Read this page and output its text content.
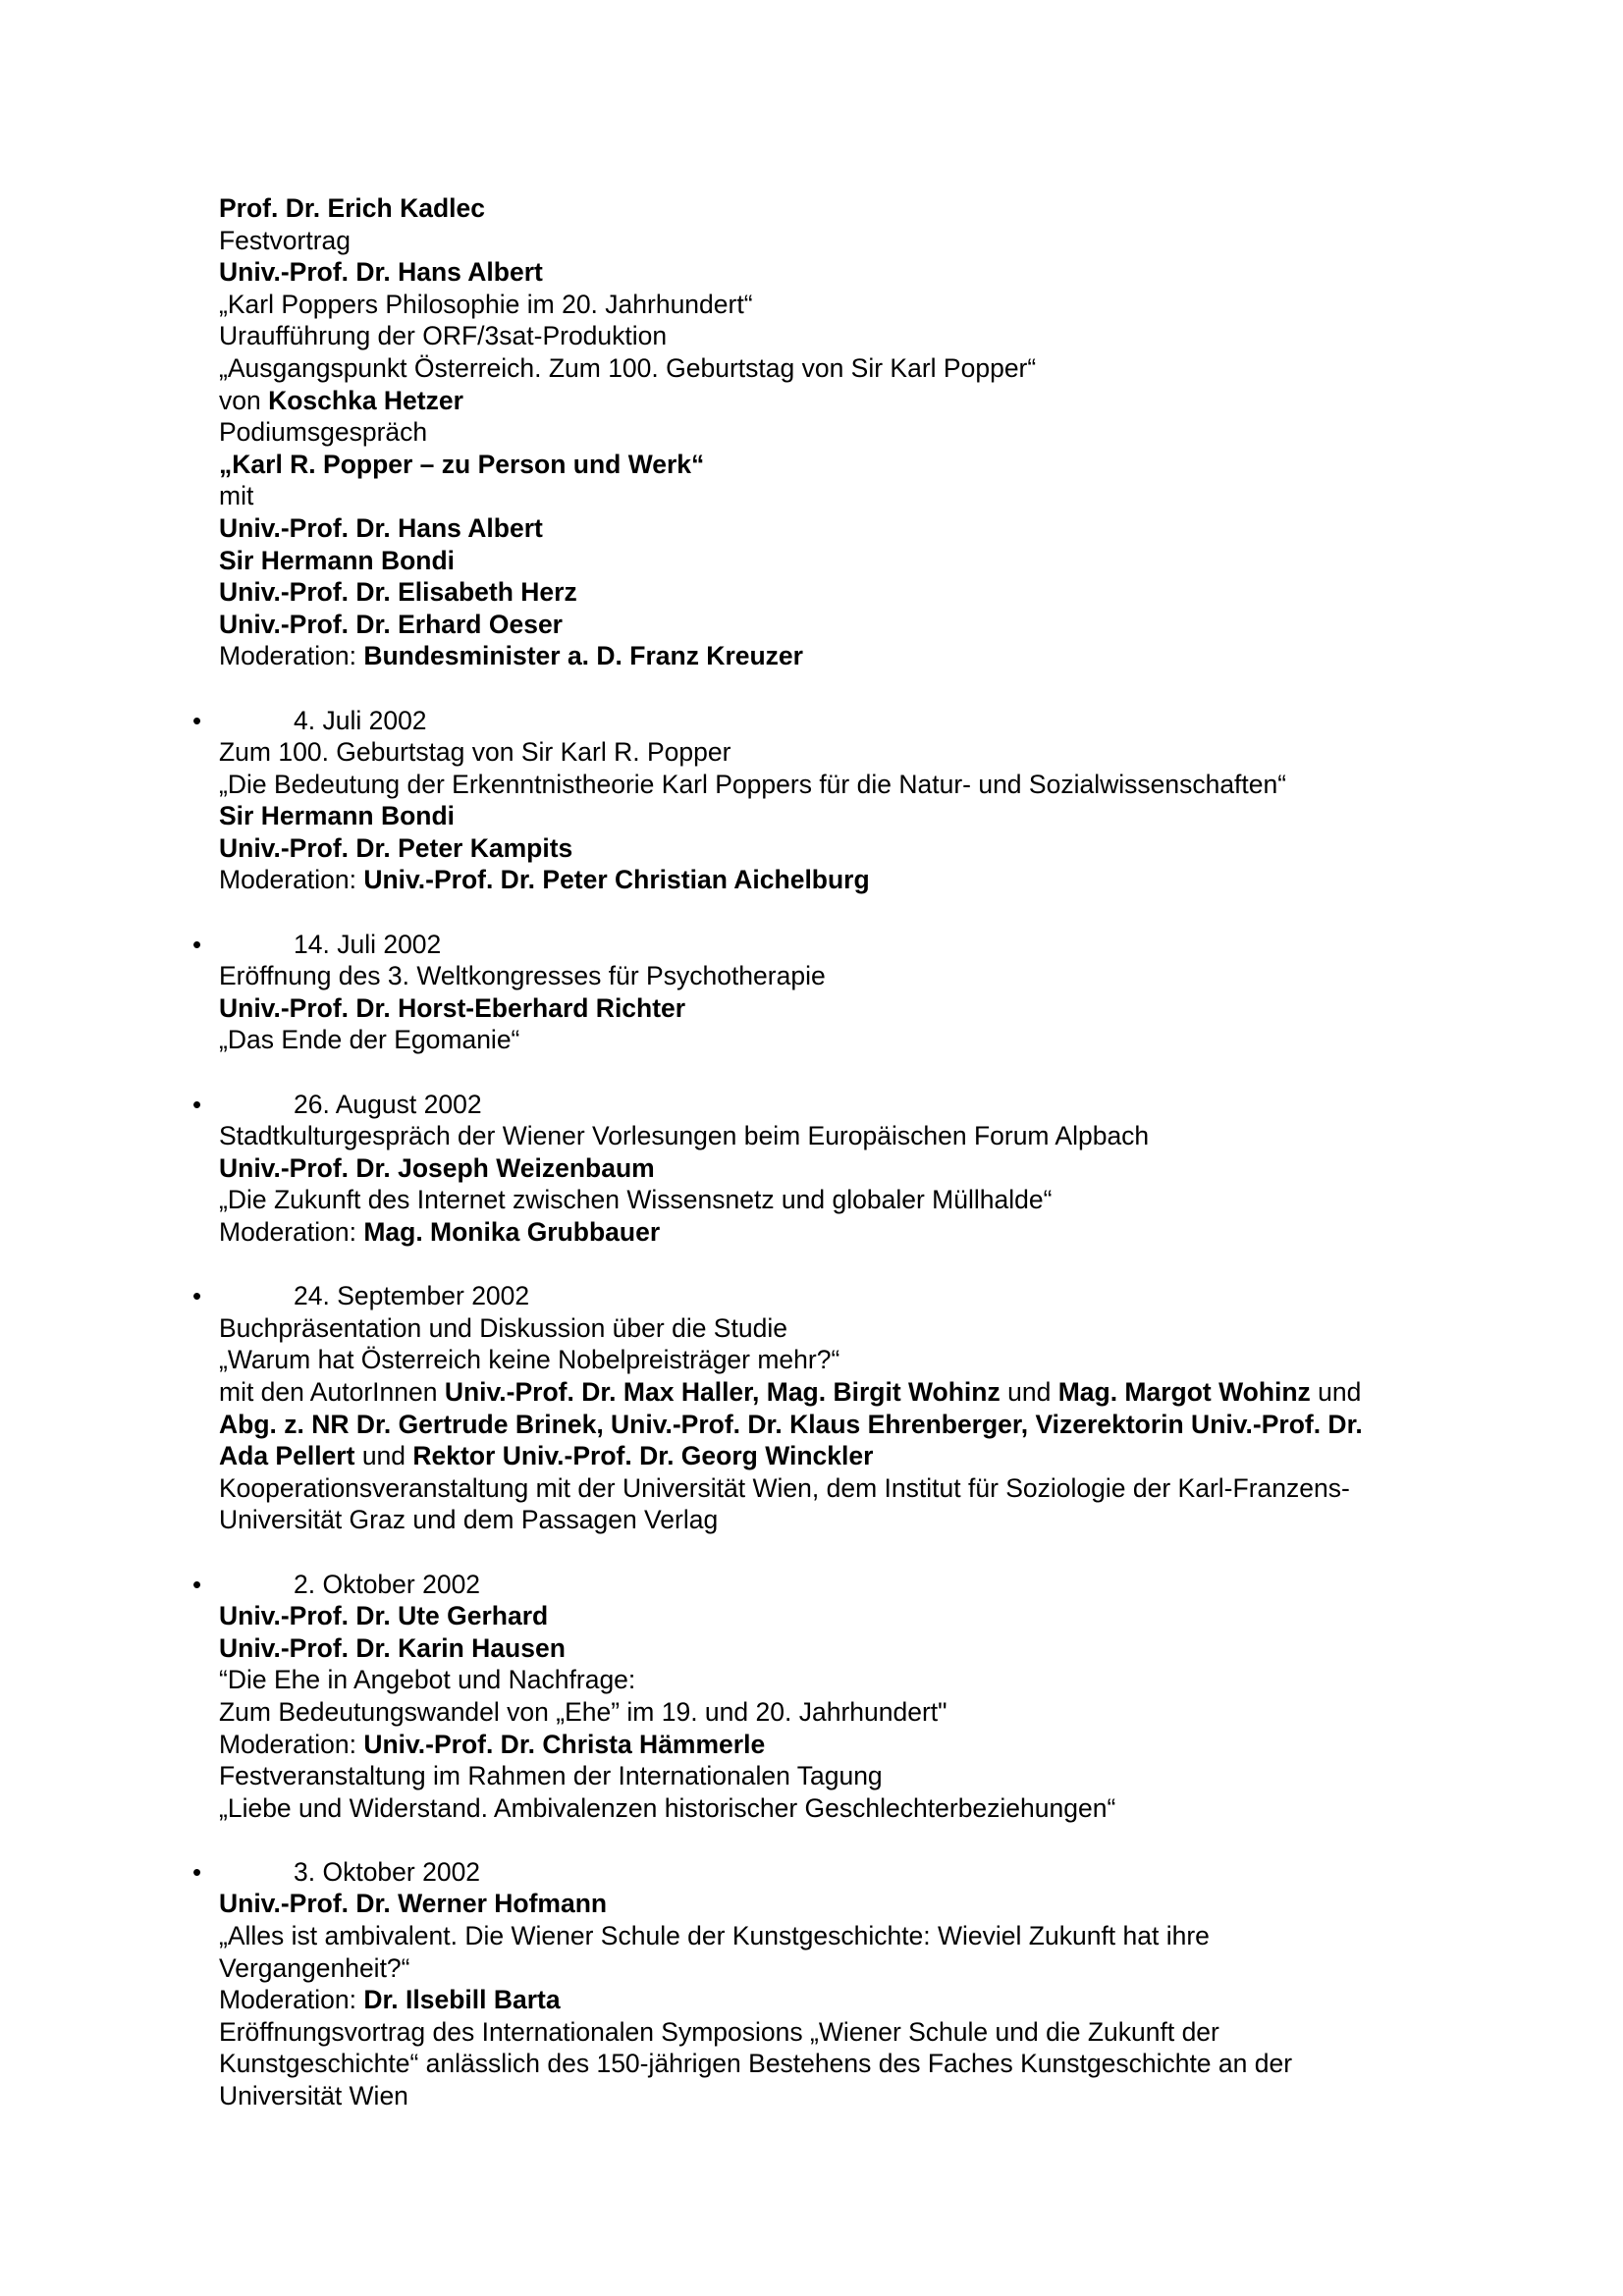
Prof. Dr. Erich Kadlec

Festvortrag

Univ.-Prof. Dr. Hans Albert

„Karl Poppers Philosophie im 20. Jahrhundert“

Uraufführung der ORF/3sat-Produktion

„Ausgangspunkt Österreich. Zum 100. Geburtstag von Sir Karl Popper“

von Koschka Hetzer

Podiumsgespräch

„Karl R. Popper – zu Person und Werk“

mit

Univ.-Prof. Dr. Hans Albert

Sir Hermann Bondi

Univ.-Prof. Dr. Elisabeth Herz

Univ.-Prof. Dr. Erhard Oeser

Moderation: Bundesminister a. D. Franz Kreuzer

•	4. Juli 2002

Zum 100. Geburtstag von Sir Karl R. Popper

„Die Bedeutung der Erkenntnistheorie Karl Poppers für die Natur- und Sozialwissenschaften“

Sir Hermann Bondi

Univ.-Prof. Dr. Peter Kampits

Moderation: Univ.-Prof. Dr. Peter Christian Aichelburg

•	14. Juli 2002

Eröffnung des 3. Weltkongresses für Psychotherapie

Univ.-Prof. Dr. Horst-Eberhard Richter

„Das Ende der Egomanie“

•	26. August 2002

Stadtkulturgespräch der Wiener Vorlesungen beim Europäischen Forum Alpbach

Univ.-Prof. Dr. Joseph Weizenbaum

„Die Zukunft des Internet zwischen Wissensnetz und globaler Müllhalde“

Moderation: Mag. Monika Grubbauer

•	24. September 2002

Buchpräsentation und Diskussion über die Studie

„Warum hat Österreich keine Nobelpreisträger mehr?“

mit den AutorInnen Univ.-Prof. Dr. Max Haller, Mag. Birgit Wohinz und Mag. Margot Wohinz und

Abg. z. NR Dr. Gertrude Brinek, Univ.-Prof. Dr. Klaus Ehrenberger, Vizerektorin Univ.-Prof. Dr.

Ada Pellert und Rektor Univ.-Prof. Dr. Georg Winckler

Kooperationsveranstaltung mit der Universität Wien, dem Institut für Soziologie der Karl-Franzens-

Universität Graz und dem Passagen Verlag

•	2. Oktober 2002

Univ.-Prof. Dr. Ute Gerhard

Univ.-Prof. Dr. Karin Hausen

“Die Ehe in Angebot und Nachfrage:

Zum Bedeutungswandel von „Ehe” im 19. und 20. Jahrhundert"

Moderation: Univ.-Prof. Dr. Christa Hämmerle

Festveranstaltung im Rahmen der Internationalen Tagung

„Liebe und Widerstand. Ambivalenzen historischer Geschlechterbeziehungen“

•	3. Oktober 2002

Univ.-Prof. Dr. Werner Hofmann

„Alles ist ambivalent. Die Wiener Schule der Kunstgeschichte: Wieviel Zukunft hat ihre

Vergangenheit?“

Moderation: Dr. Ilsebill Barta

Eröffnungsvortrag des Internationalen Symposions „Wiener Schule und die Zukunft der

Kunstgeschichte“ anlässlich des 150-jährigen Bestehens des Faches Kunstgeschichte an der

Universität Wien
